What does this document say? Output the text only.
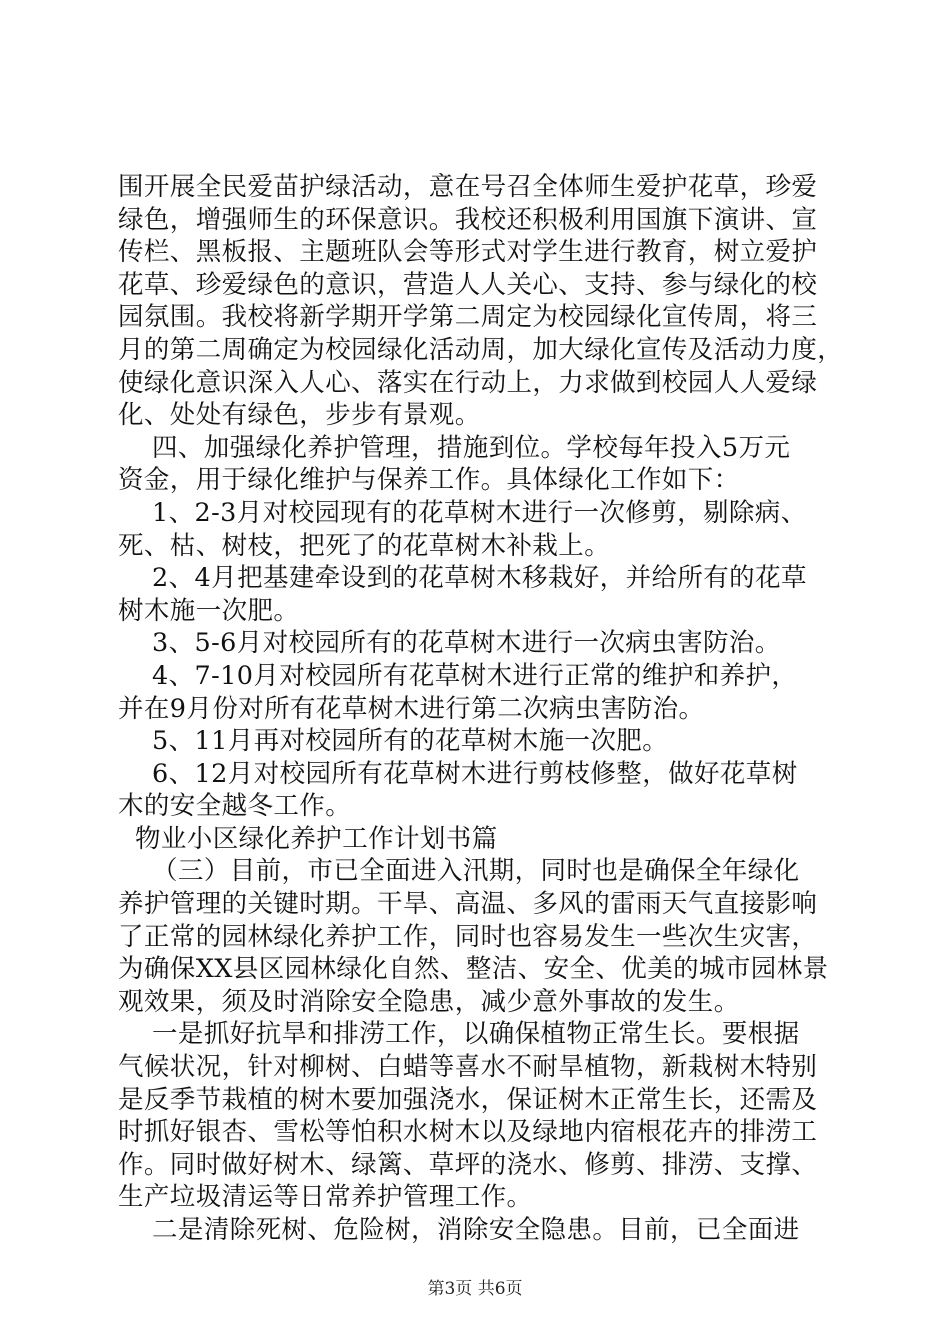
围开展全民爱苗护绿活动，意在号召全体师生爱护花草，珍爱
绿色，增强师生的环保意识。我校还积极利用国旗下演讲、宣
传栏、黑板报、主题班队会等形式对学生进行教育，树立爱护
花草、珍爱绿色的意识，营造人人关心、支持、参与绿化的校
园氛围。我校将新学期开学第二周定为校园绿化宣传周，将三
月的第二周确定为校园绿化活动周，加大绿化宣传及活动力度，
使绿化意识深入人心、落实在行动上，力求做到校园人人爱绿
化、处处有绿色，步步有景观。
四、加强绿化养护管理，措施到位。学校每年投入5万元
资金，用于绿化维护与保养工作。具体绿化工作如下：
1、2-3月对校园现有的花草树木进行一次修剪，剔除病、
死、枯、树枝，把死了的花草树木补栽上。
2、4月把基建牵设到的花草树木移栽好，并给所有的花草
树木施一次肥。
3、5-6月对校园所有的花草树木进行一次病虫害防治。
4、7-10月对校园所有花草树木进行正常的维护和养护，
并在9月份对所有花草树木进行第二次病虫害防治。
5、11月再对校园所有的花草树木施一次肥。
6、12月对校园所有花草树木进行剪枝修整，做好花草树
木的安全越冬工作。
物业小区绿化养护工作计划书篇
（三）目前，市已全面进入汛期，同时也是确保全年绿化
养护管理的关键时期。干旱、高温、多风的雷雨天气直接影响
了正常的园林绿化养护工作，同时也容易发生一些次生灾害，
为确保XX县区园林绿化自然、整洁、安全、优美的城市园林景
观效果，须及时消除安全隐患，减少意外事故的发生。
一是抓好抗旱和排涝工作，以确保植物正常生长。要根据
气候状况，针对柳树、白蜡等喜水不耐旱植物，新栽树木特别
是反季节栽植的树木要加强浇水，保证树木正常生长，还需及
时抓好银杏、雪松等怕积水树木以及绿地内宿根花卉的排涝工
作。同时做好树木、绿篱、草坪的浇水、修剪、排涝、支撑、
生产垃圾清运等日常养护管理工作。
二是清除死树、危险树，消除安全隐患。目前，已全面进
第3页 共6页
